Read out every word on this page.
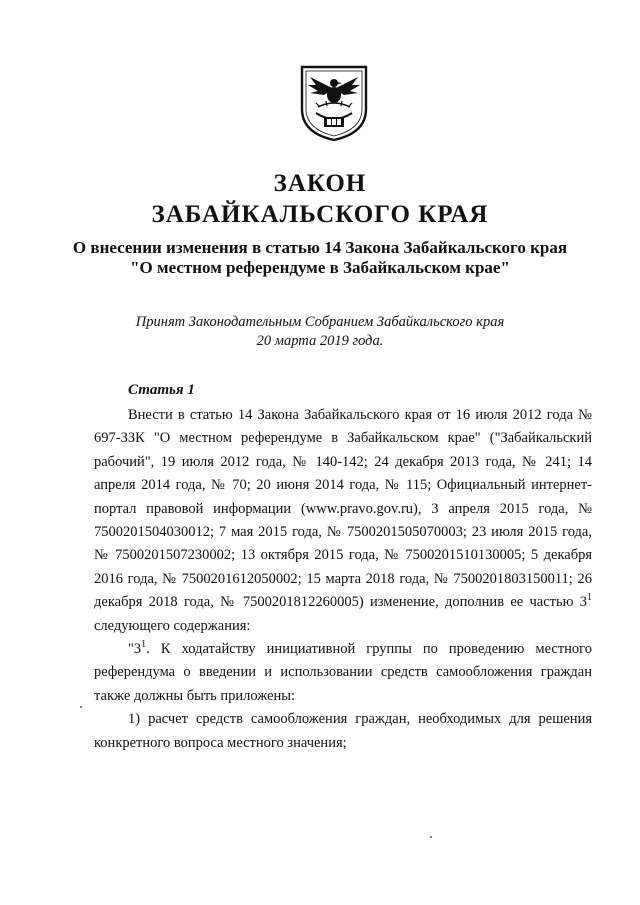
ЗАКОН
ЗАБАЙКАЛЬСКОГО КРАЯ
О внесении изменения в статью 14 Закона Забайкальского края
"О местном референдуме в Забайкальском крае"
Принят Законодательным Собранием Забайкальского края
20 марта 2019 года.
Статья 1

Внести в статью 14 Закона Забайкальского края от 16 июля 2012 года № 697-ЗЗК "О местном референдуме в Забайкальском крае" ("Забайкальский рабочий", 19 июля 2012 года, № 140-142; 24 декабря 2013 года, № 241; 14 апреля 2014 года, № 70; 20 июня 2014 года, № 115; Официальный интернет-портал правовой информации (www.pravo.gov.ru), 3 апреля 2015 года, № 7500201504030012; 7 мая 2015 года, № 7500201505070003; 23 июля 2015 года, № 7500201507230002; 13 октября 2015 года, № 7500201510130005; 5 декабря 2016 года, № 7500201612050002; 15 марта 2018 года, № 7500201803150011; 26 декабря 2018 года, № 7500201812260005) изменение, дополнив ее частью $3^1$ следующего содержания:

"$3^1$. К ходатайству инициативной группы по проведению местного референдума о введении и использовании средств самообложения граждан также должны быть приложены:

1) расчет средств самообложения граждан, необходимых для решения конкретного вопроса местного значения;
